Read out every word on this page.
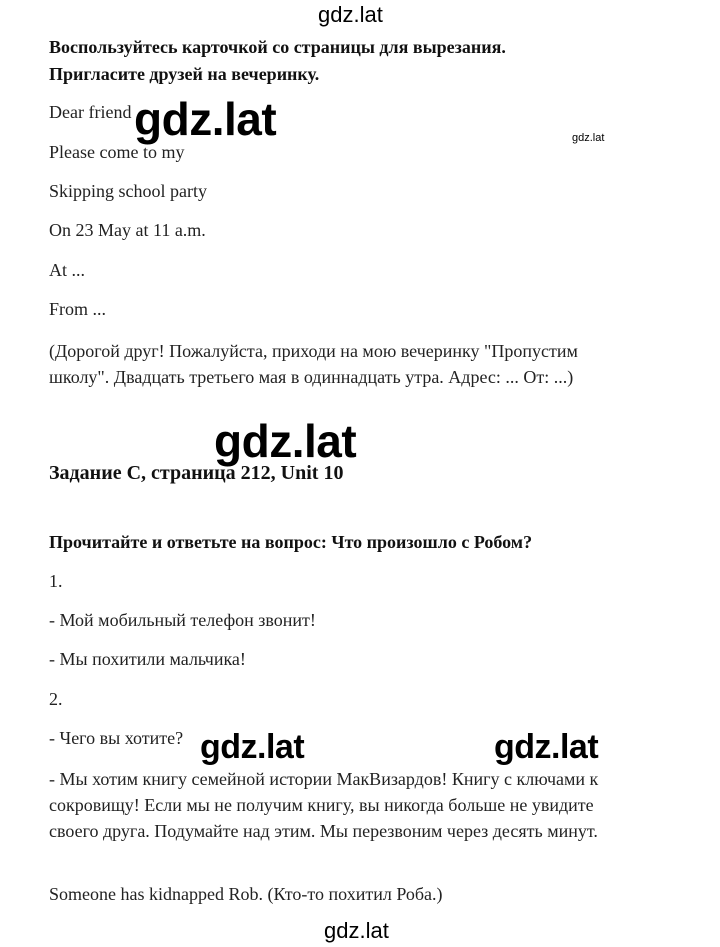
gdz.lat
gdz.lat	gdz.lat
gdz.lat
gdz.lat	gdz.lat
gdz.lat
Воспользуйтесь карточкой со страницы для вырезания.
Пригласите друзей на вечеринку.
Dear friend
Please come to my
Skipping school party
On 23 May at 11 a.m.
At ...
From ...
(Дорогой друг! Пожалуйста, приходи на мою вечеринку "Пропустим школу". Двадцать третьего мая в одиннадцать утра. Адрес: ... От: ...)
Задание C, страница 212, Unit 10
Прочитайте и ответьте на вопрос: Что произошло с Робом?
1.
- Мой мобильный телефон звонит!
- Мы похитили мальчика!
2.
- Чего вы хотите?
- Мы хотим книгу семейной истории МакВизардов! Книгу с ключами к сокровищу! Если мы не получим книгу, вы никогда больше не увидите своего друга. Подумайте над этим. Мы перезвоним через десять минут.
Someone has kidnapped Rob. (Кто-то похитил Роба.)
